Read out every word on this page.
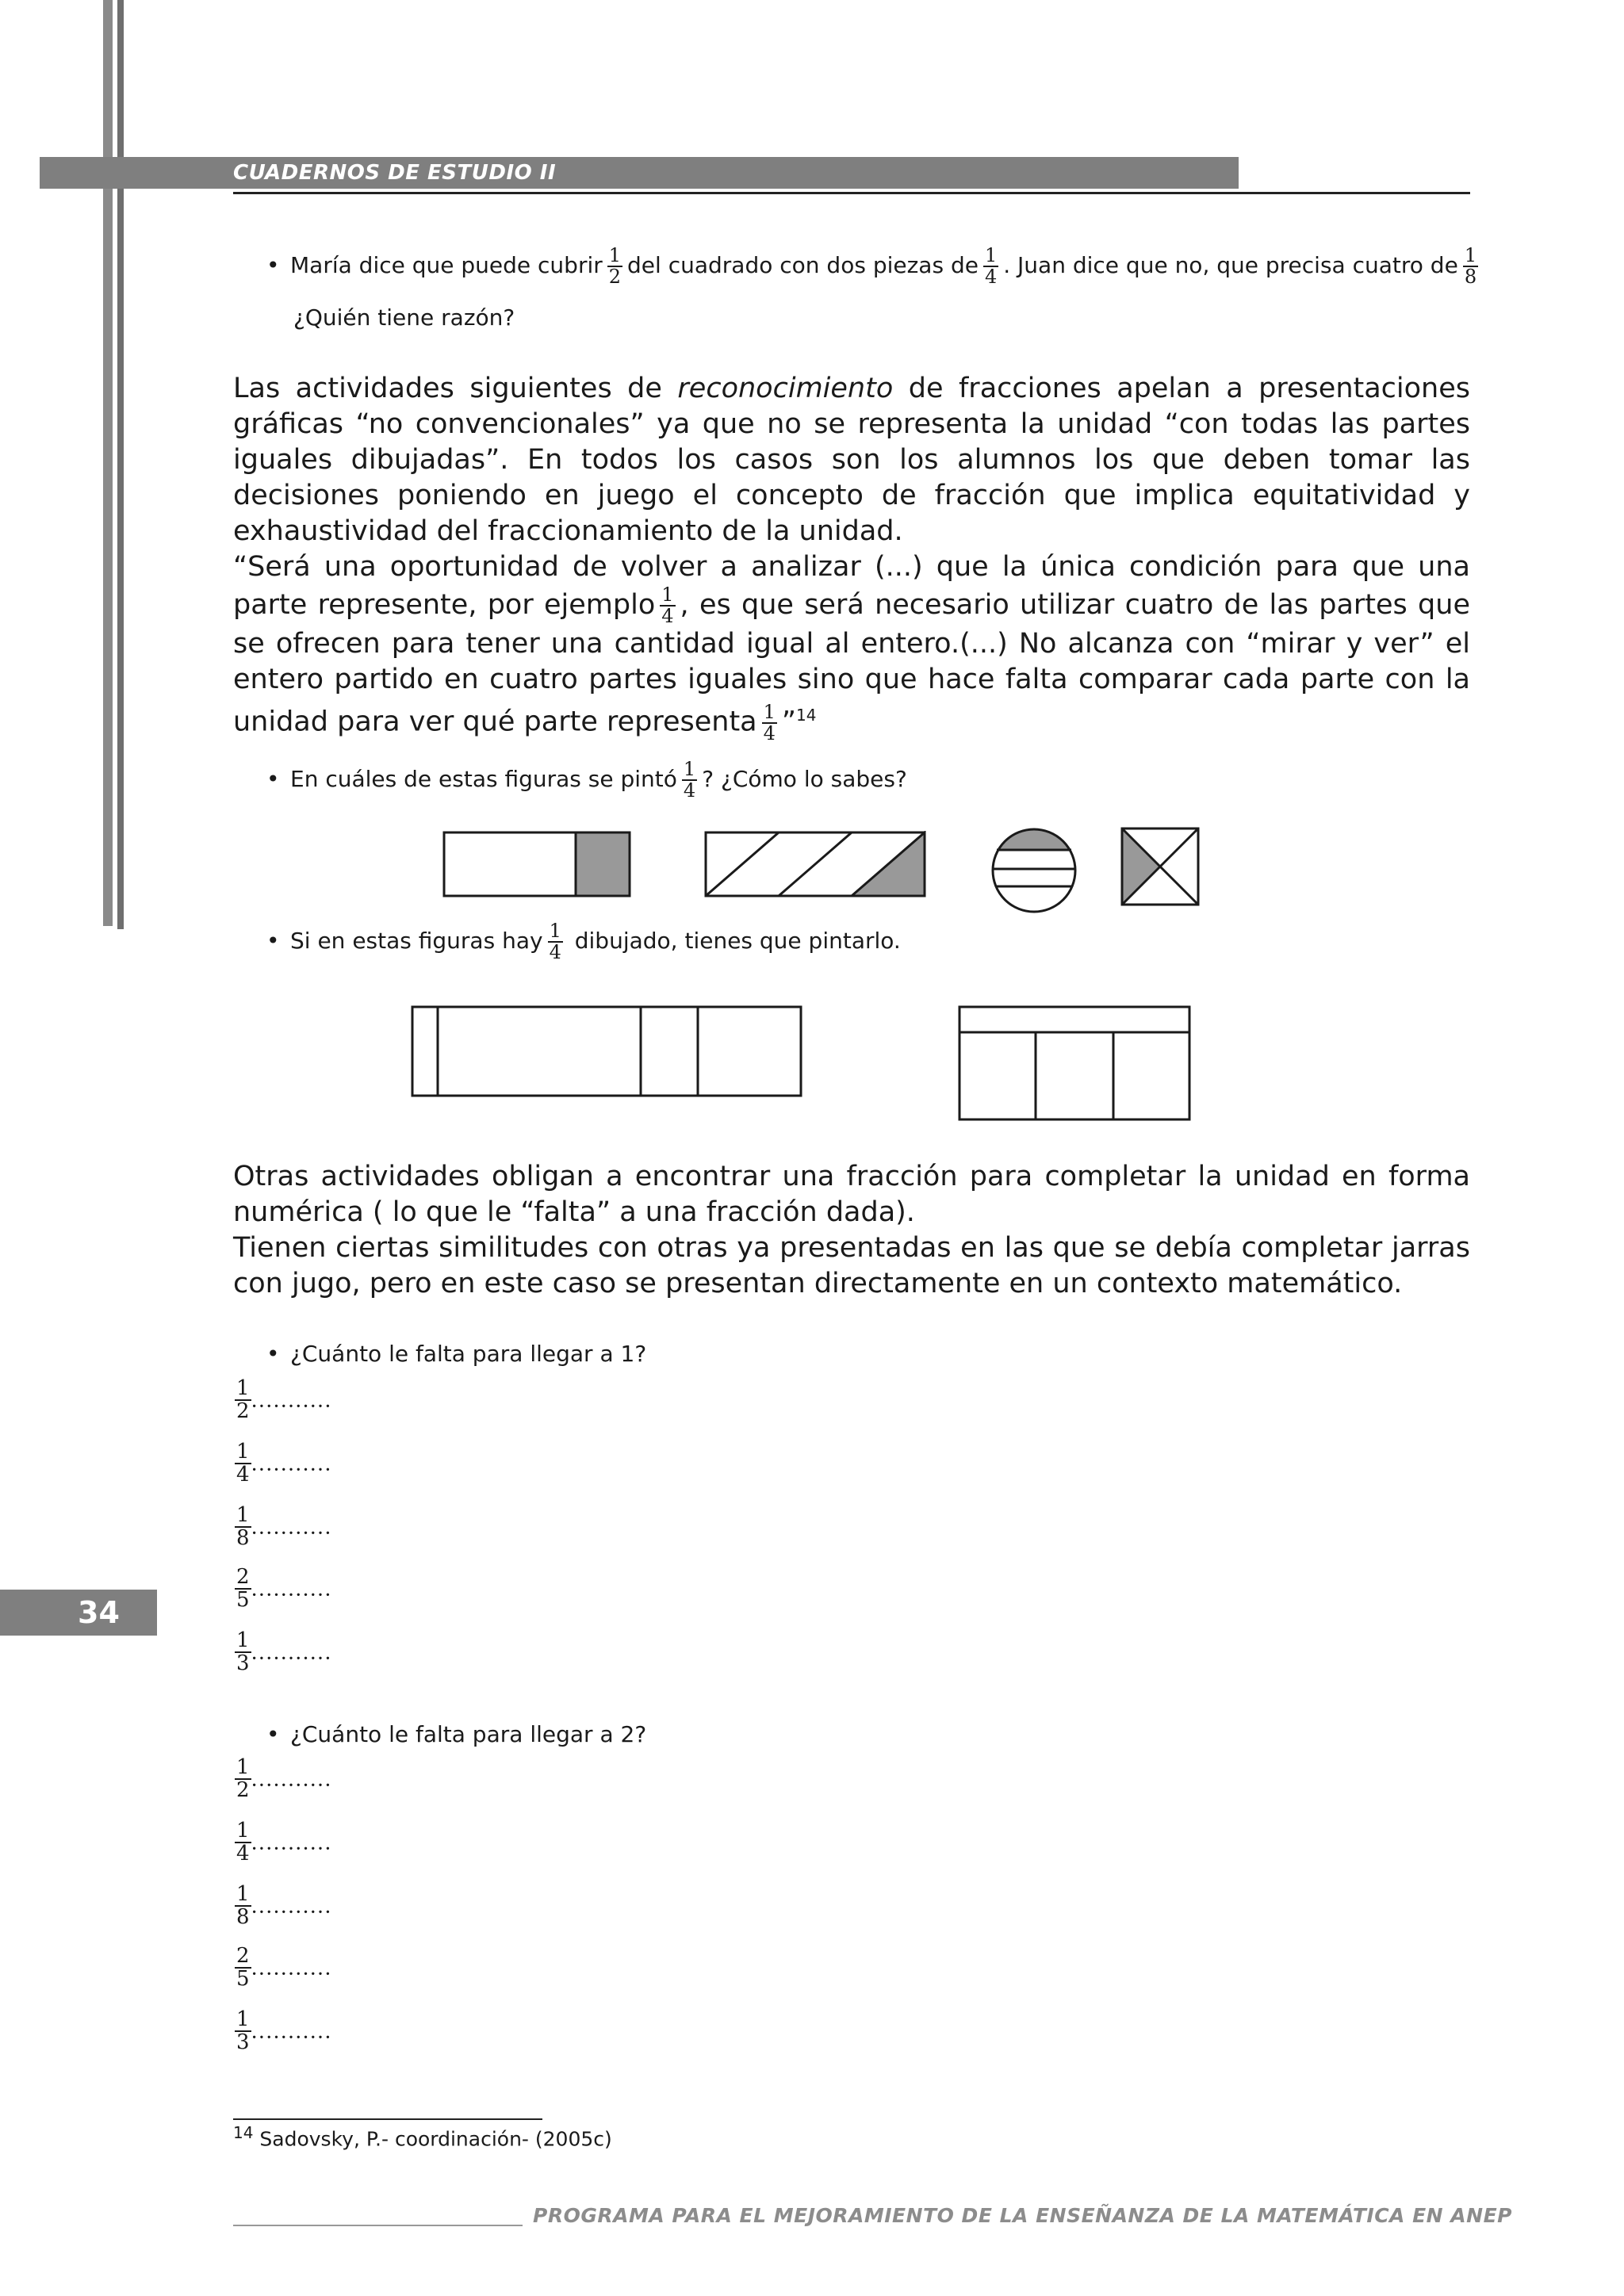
CUADERNOS DE ESTUDIO II
• María dice que puede cubrir $\frac{1}{2}$ del cuadrado con dos piezas de $\frac{1}{4}$ . Juan dice que no, que precisa cuatro de $\frac{1}{8}$
¿Quién tiene razón?

Las actividades siguientes de reconocimiento de fracciones apelan a presentaciones gráficas “no convencionales” ya que no se representa la unidad “con todas las partes iguales dibujadas”. En todos los casos son los alumnos los que deben tomar las decisiones poniendo en juego el concepto de fracción que implica equitatividad y exhaustividad del fraccionamiento de la unidad.

“Será una oportunidad de volver a analizar (...) que la única condición para que una parte represente, por ejemplo $\frac{1}{4}$ , es que será necesario utilizar cuatro de las partes que se ofrecen para tener una cantidad igual al entero.(...) No alcanza con “mirar y ver” el entero partido en cuatro partes iguales sino que hace falta comparar cada parte con la unidad para ver qué parte representa $\frac{1}{4}$ ”$^{14}$

• En cuáles de estas figuras se pintó $\frac{1}{4}$ ? ¿Cómo lo sabes?
• Si en estas figuras hay $\frac{1}{4}$ dibujado, tienes que pintarlo.

Otras actividades obligan a encontrar una fracción para completar la unidad en forma numérica ( lo que le “falta” a una fracción dada).

Tienen ciertas similitudes con otras ya presentadas en las que se debía completar jarras con jugo, pero en este caso se presentan directamente en un contexto matemático.

• ¿Cuánto le falta para llegar a 1?
$\frac{1}{2}$ ...........
$\frac{1}{4}$ ...........
$\frac{1}{8}$ ...........
$\frac{2}{5}$ ...........
$\frac{1}{3}$ ...........
34
• ¿Cuánto le falta para llegar a 2?
$\frac{1}{2}$ ...........
$\frac{1}{4}$ ...........
$\frac{1}{8}$ ...........
$\frac{2}{5}$ ...........
$\frac{1}{3}$ ...........
$^{14}$ Sadovsky, P.- coordinación- (2005c)
PROGRAMA PARA EL MEJORAMIENTO DE LA ENSEÑANZA DE LA MATEMÁTICA EN ANEP
